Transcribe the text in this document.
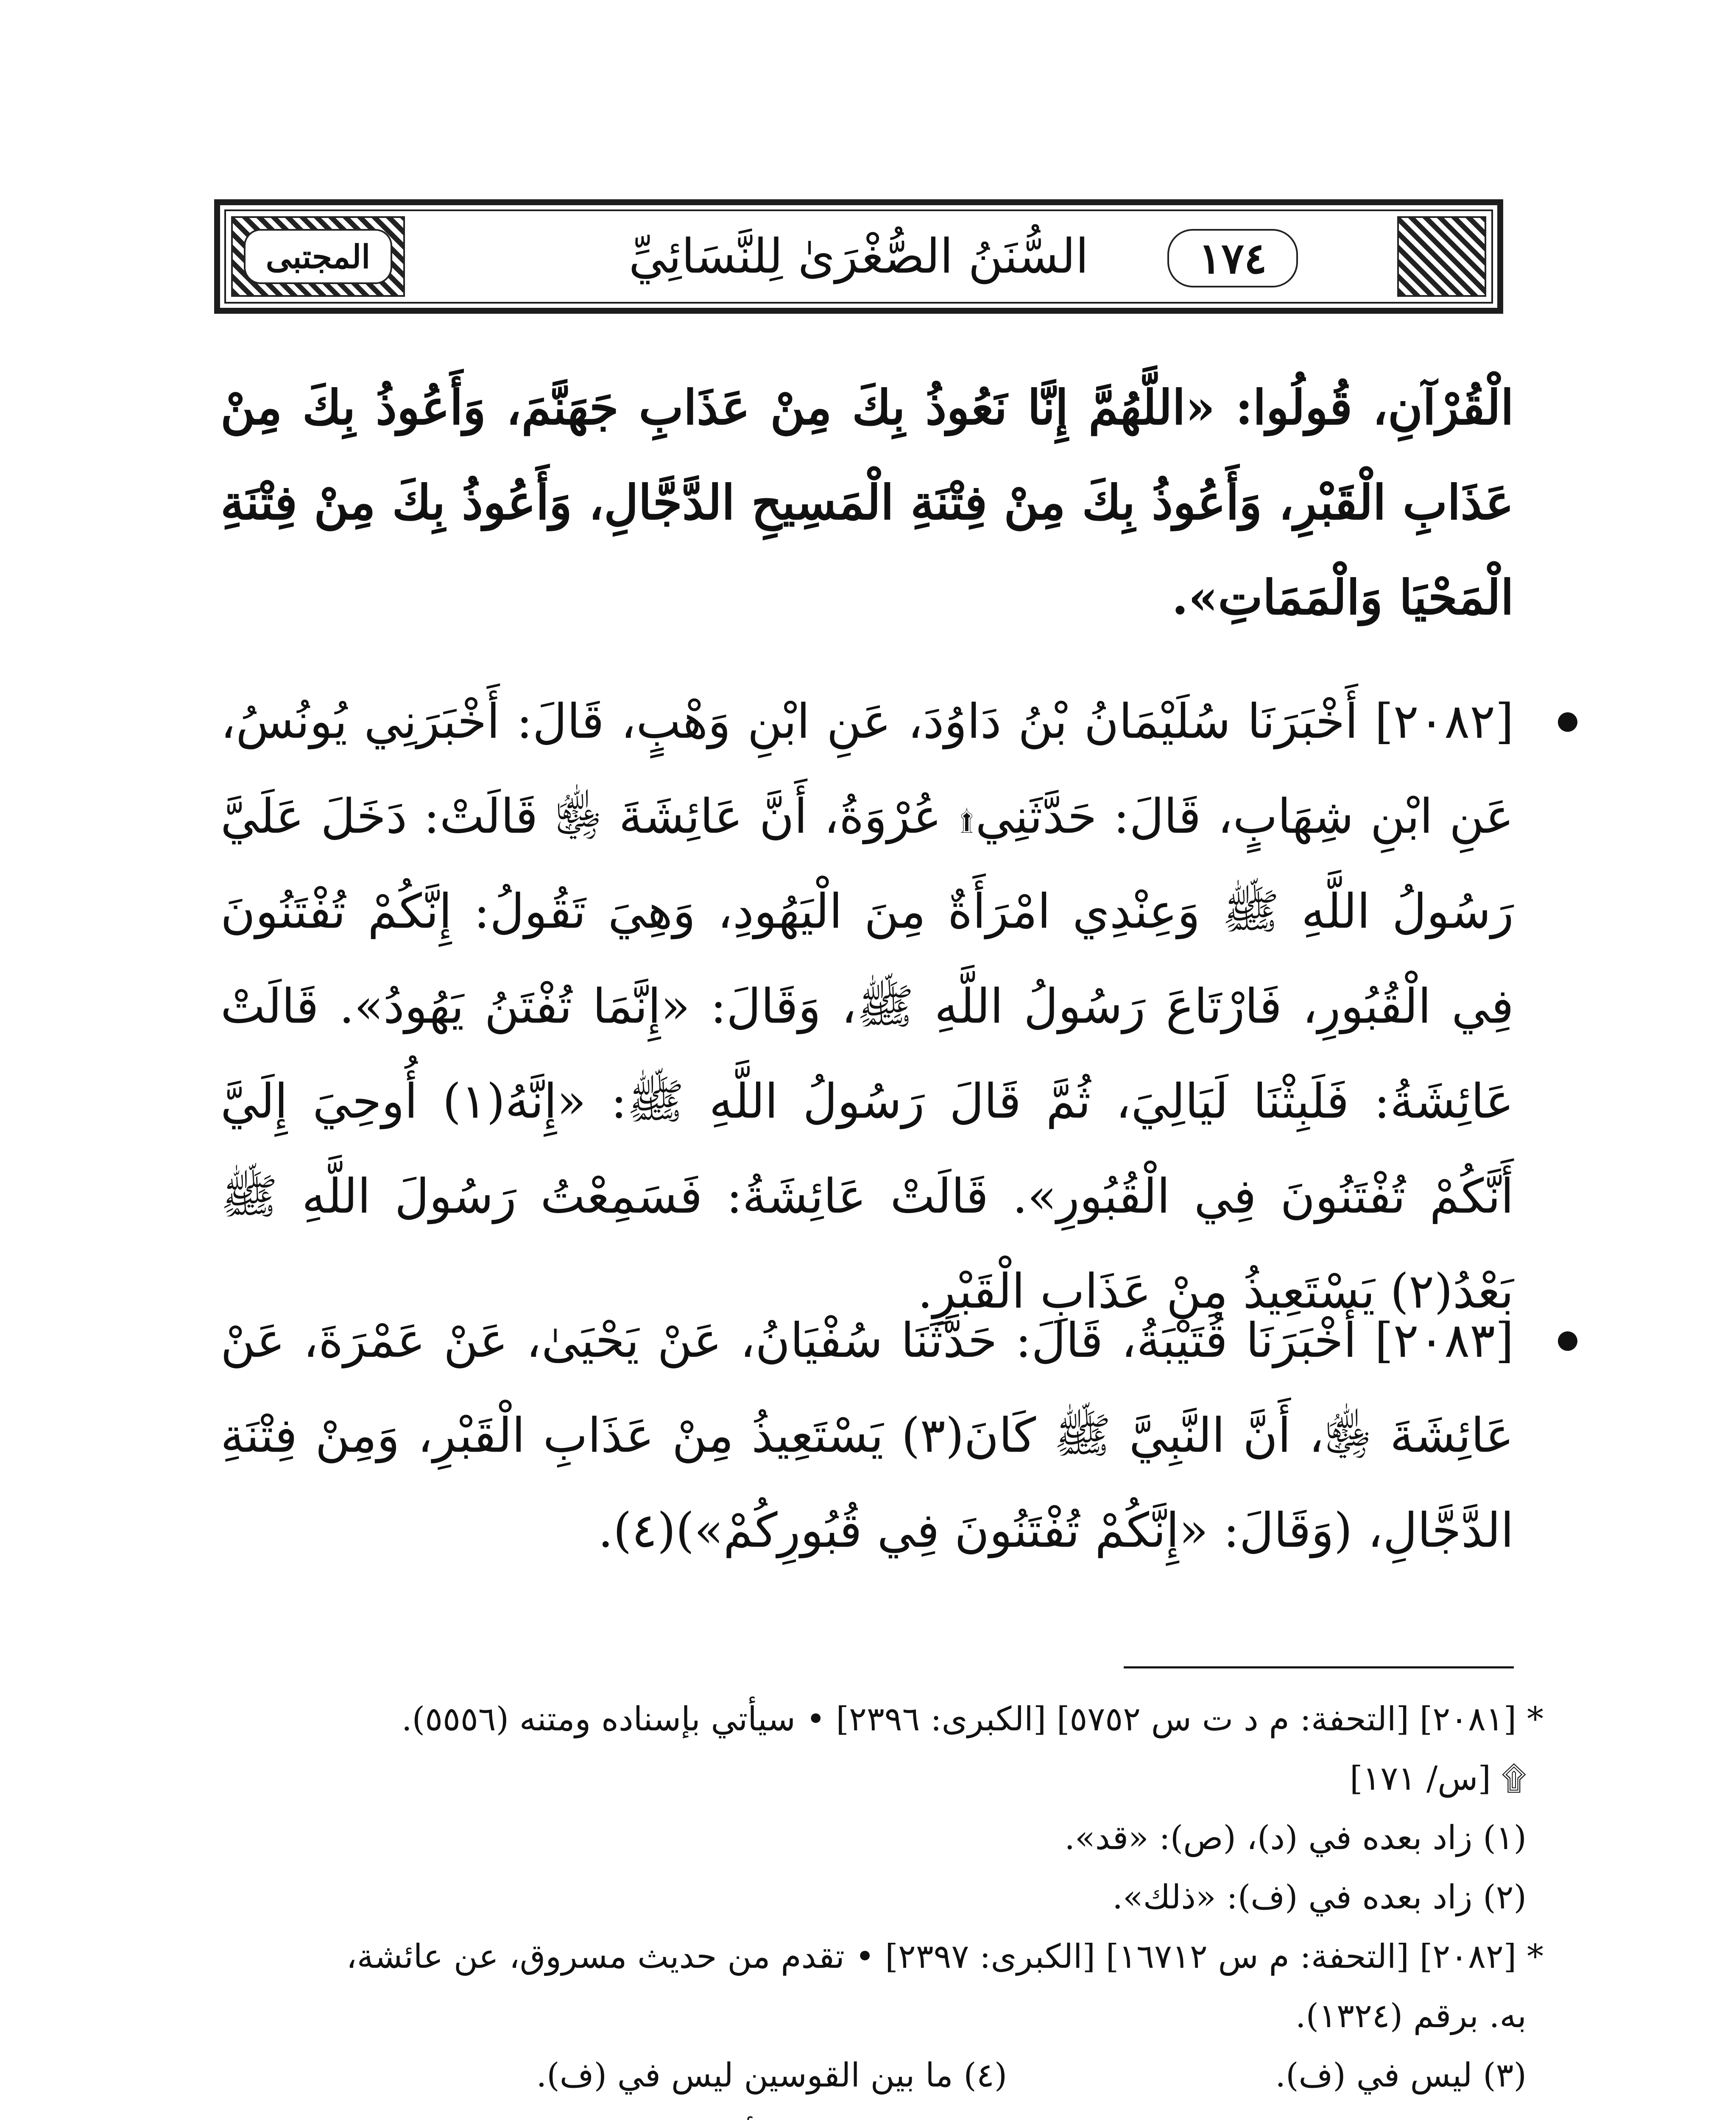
المجتبى	السُّنَنُ الصُّغْرَىٰ لِلنَّسَائِيِّ	١٧٤
الْقُرْآنِ، قُولُوا: «اللَّهُمَّ إِنَّا نَعُوذُ بِكَ مِنْ عَذَابِ جَهَنَّمَ، وَأَعُوذُ بِكَ مِنْ عَذَابِ الْقَبْرِ، وَأَعُوذُ بِكَ مِنْ فِتْنَةِ الْمَسِيحِ الدَّجَّالِ، وَأَعُوذُ بِكَ مِنْ فِتْنَةِ الْمَحْيَا وَالْمَمَاتِ».
[٢٠٨٢] أَخْبَرَنَا سُلَيْمَانُ بْنُ دَاوُدَ، عَنِ ابْنِ وَهْبٍ، قَالَ: أَخْبَرَنِي يُونُسُ، عَنِ ابْنِ شِهَابٍ، قَالَ: حَدَّثَنِي۩ عُرْوَةُ، أَنَّ عَائِشَةَ ﵂ قَالَتْ: دَخَلَ عَلَيَّ رَسُولُ اللَّهِ ﷺ وَعِنْدِي امْرَأَةٌ مِنَ الْيَهُودِ، وَهِيَ تَقُولُ: إِنَّكُمْ تُفْتَنُونَ فِي الْقُبُورِ، فَارْتَاعَ رَسُولُ اللَّهِ ﷺ، وَقَالَ: «إِنَّمَا تُفْتَنُ يَهُودُ». قَالَتْ عَائِشَةُ: فَلَبِثْنَا لَيَالِيَ، ثُمَّ قَالَ رَسُولُ اللَّهِ ﷺ: «إِنَّهُ(١) أُوحِيَ إِلَيَّ أَنَّكُمْ تُفْتَنُونَ فِي الْقُبُورِ». قَالَتْ عَائِشَةُ: فَسَمِعْتُ رَسُولَ اللَّهِ ﷺ بَعْدُ(٢) يَسْتَعِيذُ مِنْ عَذَابِ الْقَبْرِ.
[٢٠٨٣] أَخْبَرَنَا قُتَيْبَةُ، قَالَ: حَدَّثَنَا سُفْيَانُ، عَنْ يَحْيَىٰ، عَنْ عَمْرَةَ، عَنْ عَائِشَةَ ﵂، أَنَّ النَّبِيَّ ﷺ كَانَ(٣) يَسْتَعِيذُ مِنْ عَذَابِ الْقَبْرِ، وَمِنْ فِتْنَةِ الدَّجَّالِ، (وَقَالَ: «إِنَّكُمْ تُفْتَنُونَ فِي قُبُورِكُمْ»)(٤).
* [٢٠٨١] [التحفة: م د ت س ٥٧٥٢] [الكبرى: ٢٣٩٦] • سيأتي بإسناده ومتنه (٥٥٥٦).
۩ [س/ ١٧١]
(١) زاد بعده في (د)، (ص): «قد».
(٢) زاد بعده في (ف): «ذلك».
* [٢٠٨٢] [التحفة: م س ١٦٧١٢] [الكبرى: ٢٣٩٧] • تقدم من حديث مسروق، عن عائشة،
به. برقم (١٣٢٤).
(٣) ليس في (ف). (٤) ما بين القوسين ليس في (ف).
